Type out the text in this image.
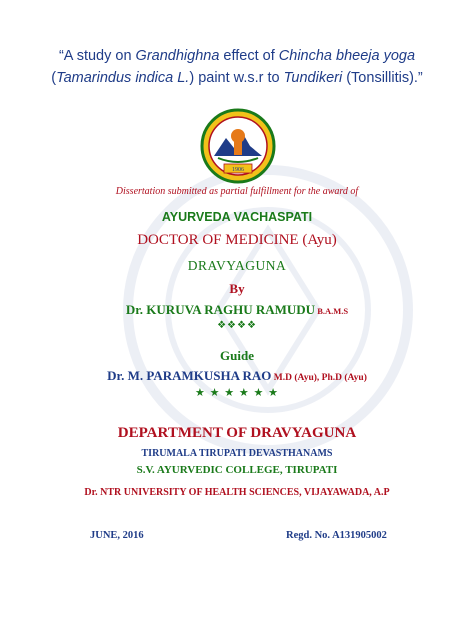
“A study on Grandhighna effect of Chincha bheeja yoga
(Tamarindus indica L.) paint w.s.r to Tundikeri (Tonsillitis).”
1906
Dissertation submitted as partial fulfillment for the award of
AYURVEDA VACHASPATI
DOCTOR OF MEDICINE (Ayu)
DRAVYAGUNA
By
Dr. KURUVA RAGHU RAMUDU B.A.M.S
❖❖❖❖
Guide
Dr. M. PARAMKUSHA RAO M.D (Ayu), Ph.D (Ayu)
★ ★ ★ ★ ★ ★
DEPARTMENT OF DRAVYAGUNA
TIRUMALA TIRUPATI DEVASTHANAMS
S.V. AYURVEDIC COLLEGE, TIRUPATI
Dr. NTR UNIVERSITY OF HEALTH SCIENCES, VIJAYAWADA, A.P
JUNE, 2016	Regd. No. A131905002
